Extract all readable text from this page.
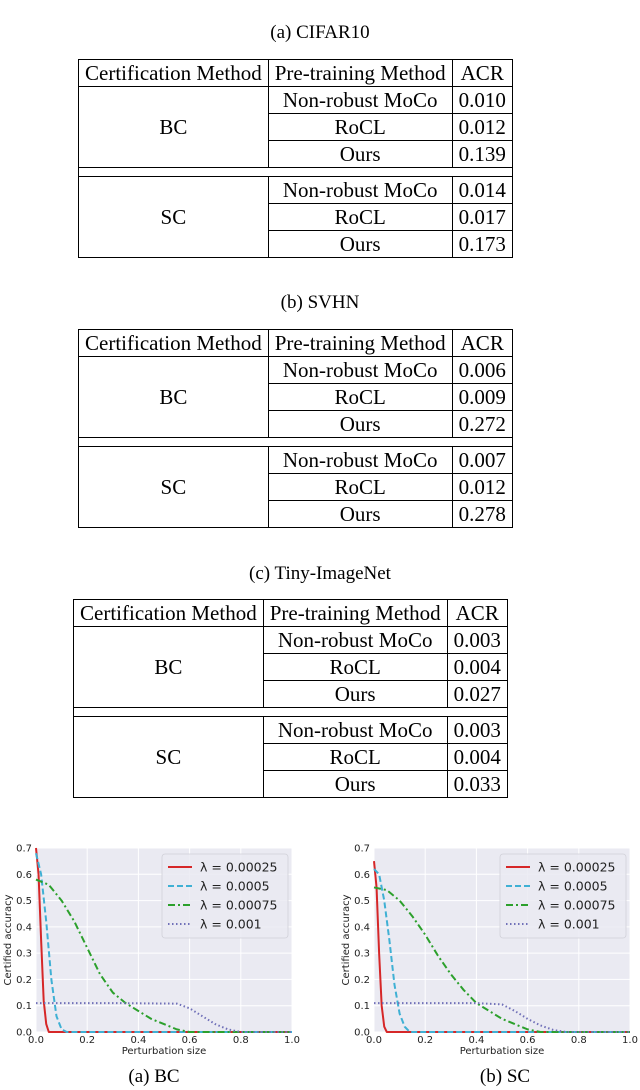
(a) CIFAR10
(b) SVHN
(c) Tiny-ImageNet
Certification Method	Pre-training Method	ACR
BC	Non-robust MoCo	0.010
	RoCL	0.012
	Ours	0.139

SC	Non-robust MoCo	0.014
	RoCL	0.017
	Ours	0.173
Certification Method	Pre-training Method	ACR
BC	Non-robust MoCo	0.006
	RoCL	0.009
	Ours	0.272

SC	Non-robust MoCo	0.007
	RoCL	0.012
	Ours	0.278
Certification Method	Pre-training Method	ACR
BC	Non-robust MoCo	0.003
	RoCL	0.004
	Ours	0.027

SC	Non-robust MoCo	0.003
	RoCL	0.004
	Ours	0.033
0.0	0.2	0.4	0.6	0.8	1.0
0.0
0.1
0.2
0.3
0.4
0.5
0.6
0.7
Perturbation size
Certified accuracy
λ = 0.00025
λ = 0.0005
λ = 0.00075
λ = 0.001
0.0	0.2	0.4	0.6	0.8	1.0
0.0
0.1
0.2
0.3
0.4
0.5
0.6
0.7
Perturbation size
Certified accuracy
λ = 0.00025
λ = 0.0005
λ = 0.00075
λ = 0.001
(a) BC	(b) SC
